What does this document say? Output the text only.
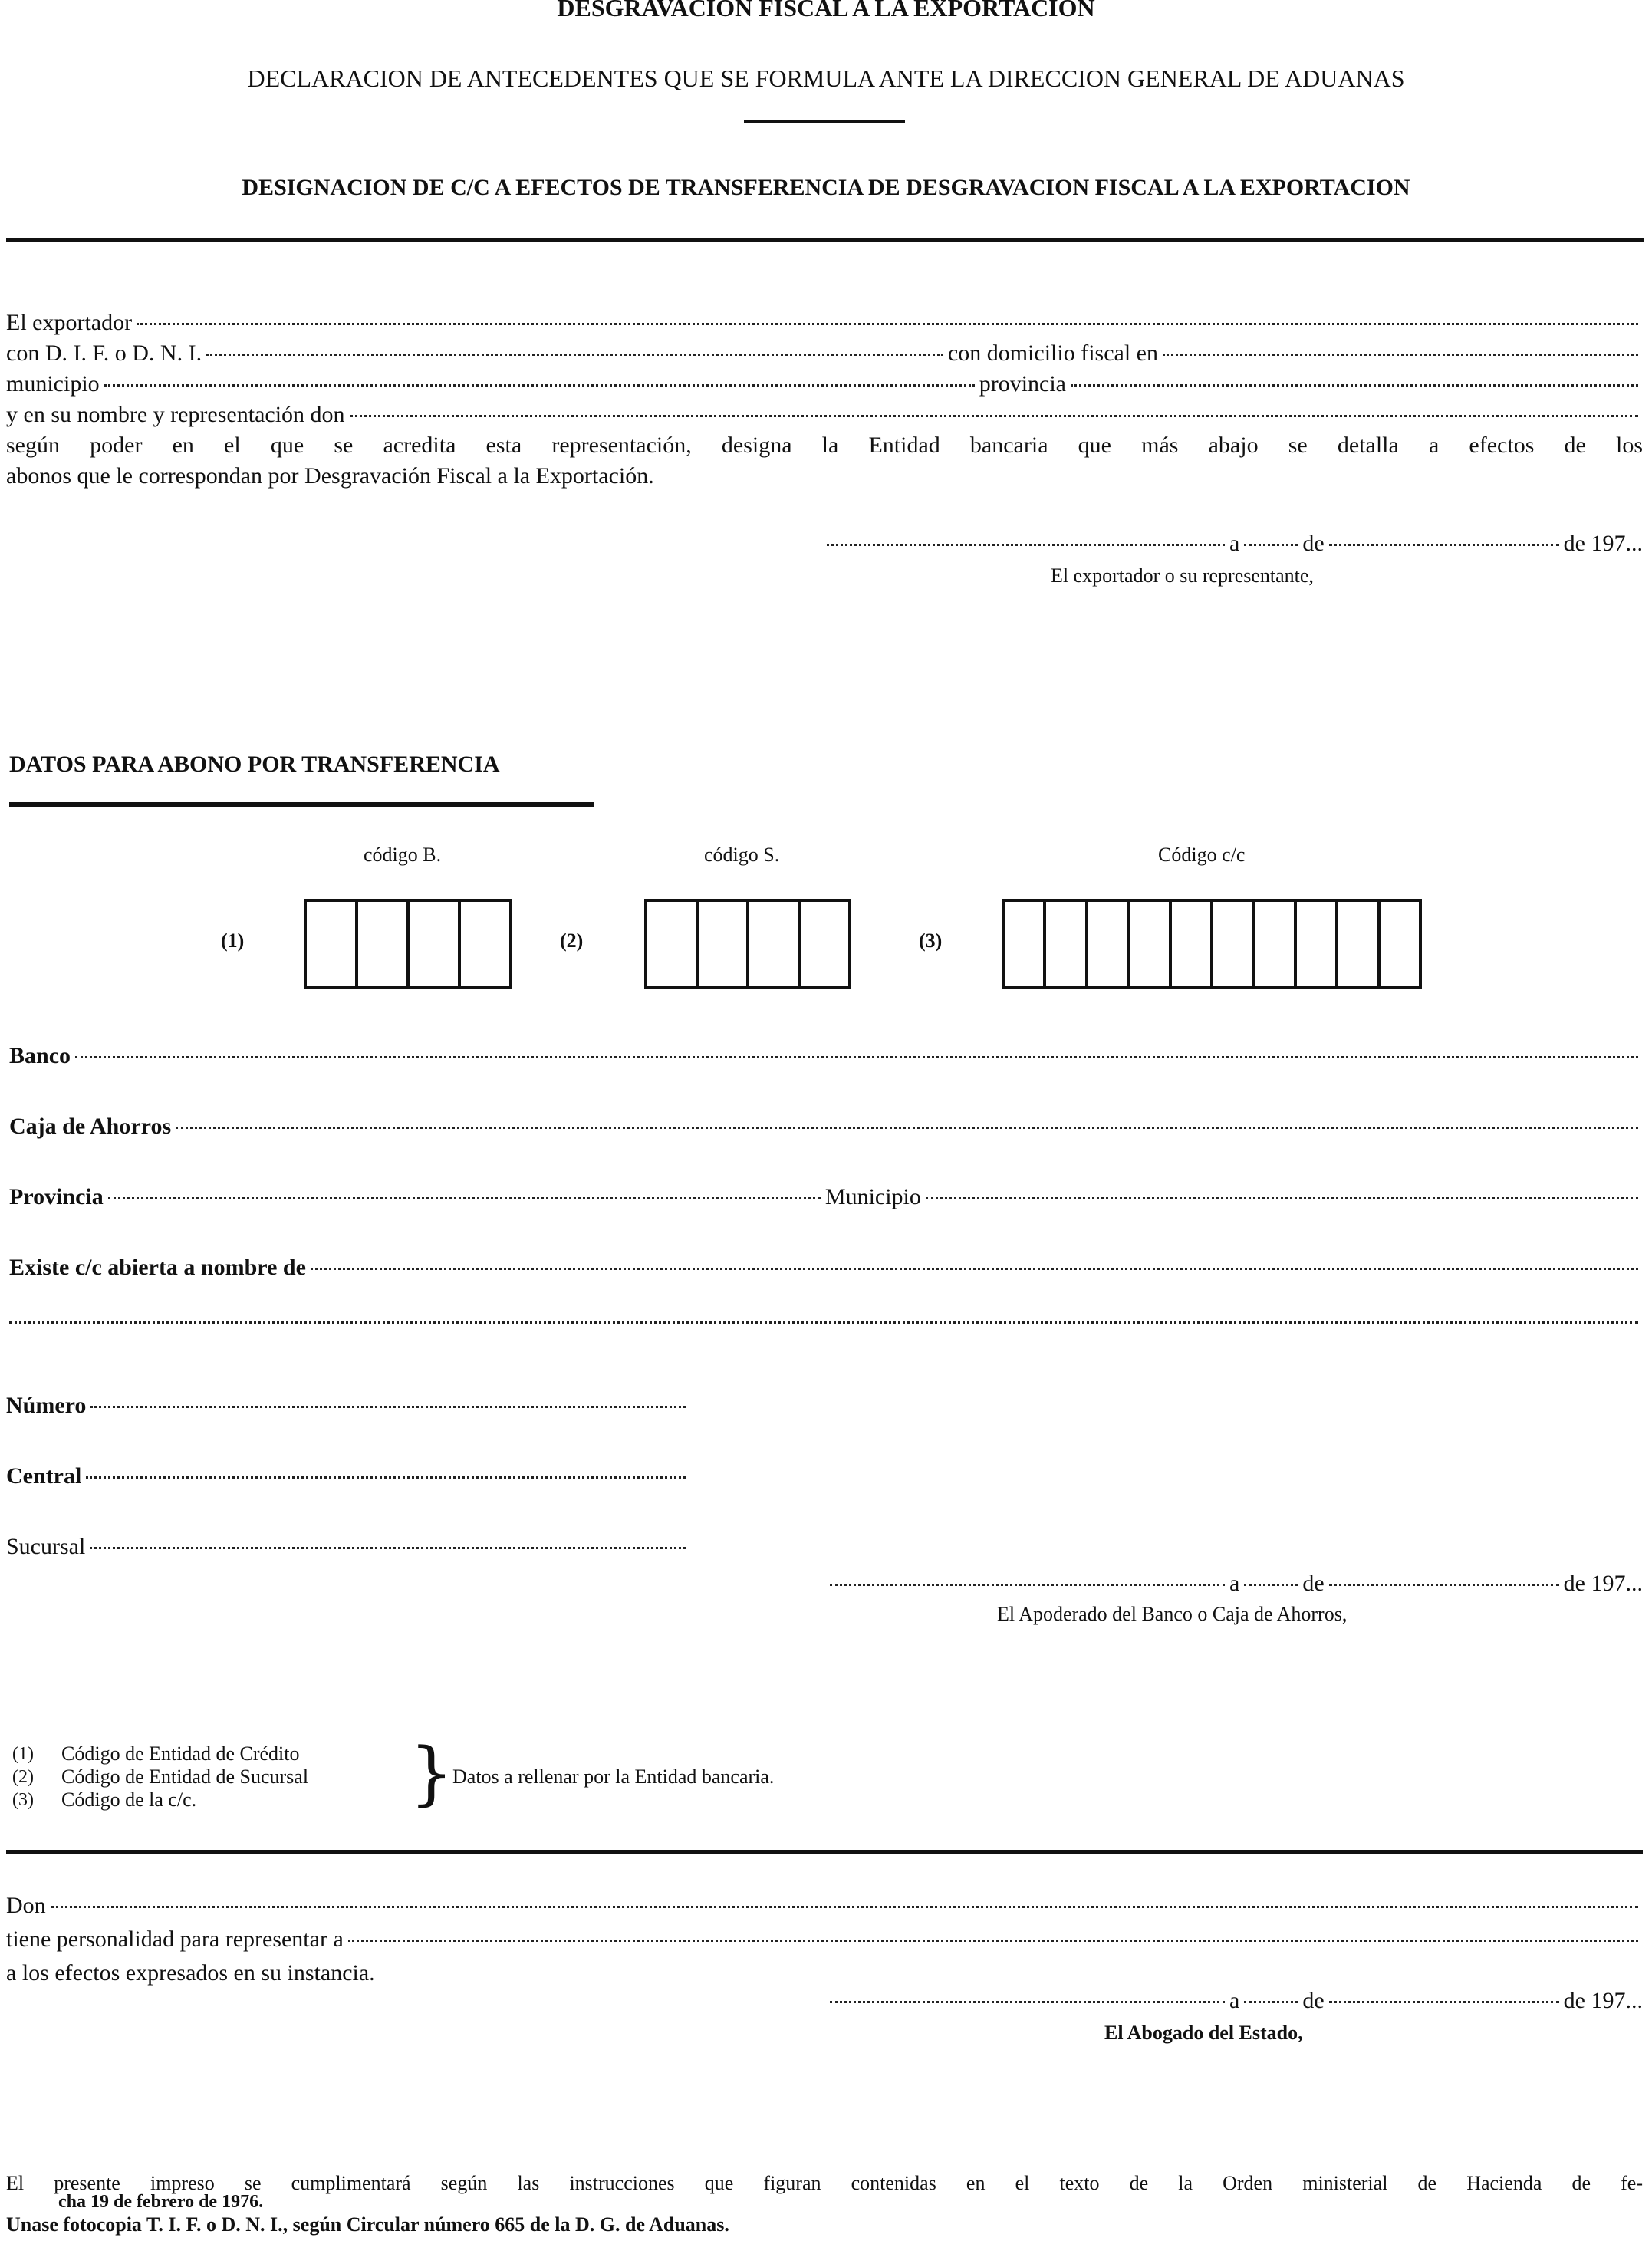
DESGRAVACION FISCAL A LA EXPORTACION
DECLARACION DE ANTECEDENTES QUE SE FORMULA ANTE LA DIRECCION GENERAL DE ADUANAS
DESIGNACION DE C/C A EFECTOS DE TRANSFERENCIA DE DESGRAVACION FISCAL A LA EXPORTACION
El exportador
con D. I. F. o D. N. I.	con domicilio fiscal en
municipio	provincia
y en su nombre y representación don
según poder en el que se acredita esta representación, designa la Entidad bancaria que más abajo se detalla a efectos de los
abonos que le correspondan por Desgravación Fiscal a la Exportación.
a	de	de 197...
El exportador o su representante,
DATOS PARA ABONO POR TRANSFERENCIA
código B.	código S.	Código c/c
(1)	(2)	(3)
Banco
Caja de Ahorros
Provincia	Municipio
Existe c/c abierta a nombre de
Número
Central
Sucursal
a	de	de 197...
El Apoderado del Banco o Caja de Ahorros,
(1) Código de Entidad de Crédito
(2) Código de Entidad de Sucursal
(3) Código de la c/c.	}
Datos a rellenar por la Entidad bancaria.
Don
tiene personalidad para representar a
a los efectos expresados en su instancia.
a	de	de 197...
El Abogado del Estado,
El presente impreso se cumplimentará según las instrucciones que figuran contenidas en el texto de la Orden ministerial de Hacienda de fe-
cha 19 de febrero de 1976.
Unase fotocopia T. I. F. o D. N. I., según Circular número 665 de la D. G. de Aduanas.
